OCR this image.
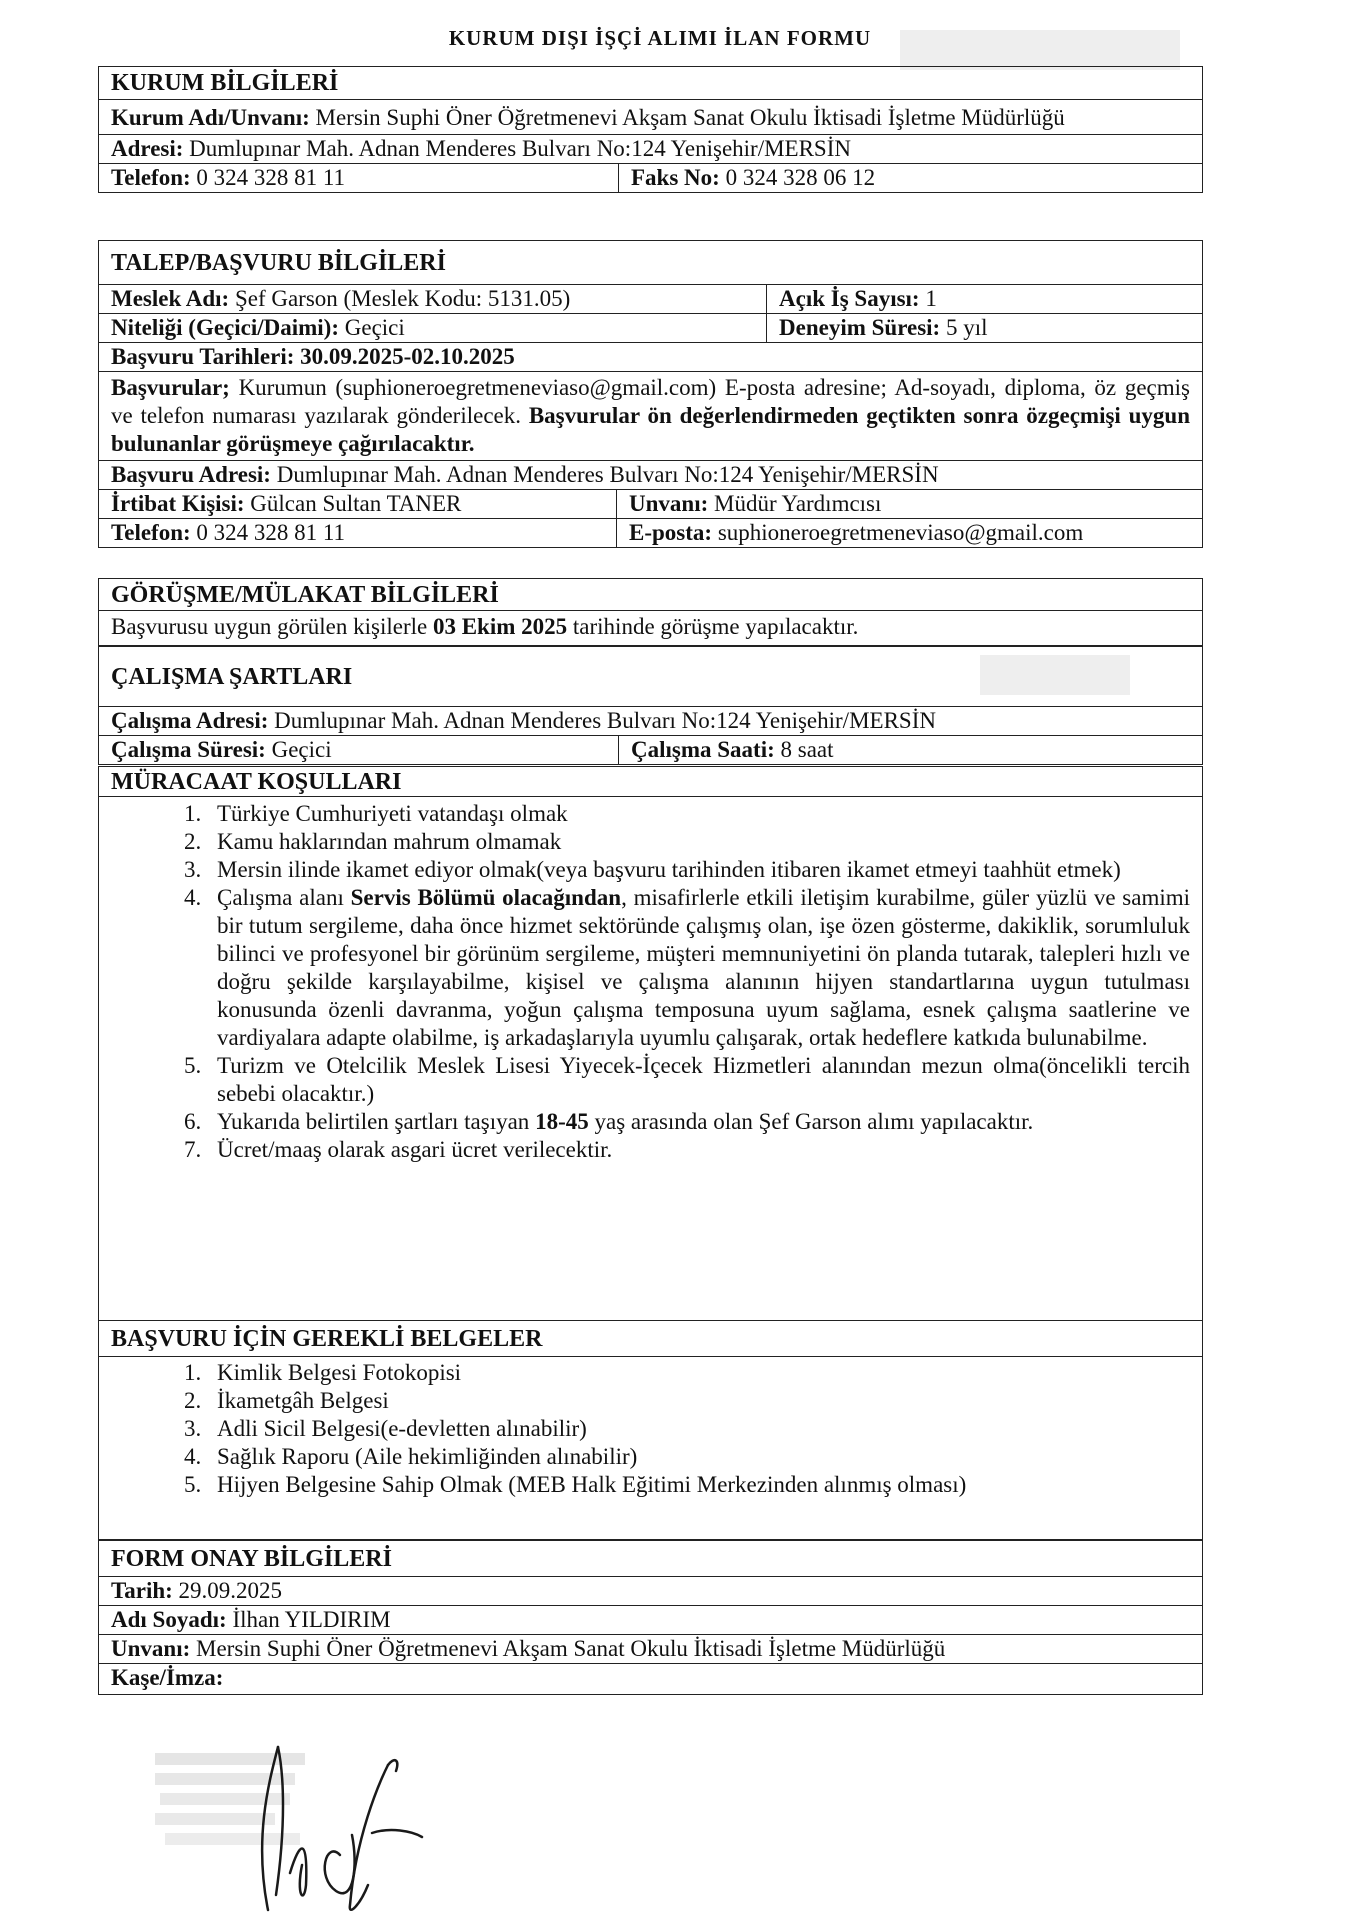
KURUM DIŞI İŞÇİ ALIMI İLAN FORMU
KURUM BİLGİLERİ
Kurum Adı/Unvanı: Mersin Suphi Öner Öğretmenevi Akşam Sanat Okulu İktisadi İşletme Müdürlüğü
Adresi: Dumlupınar Mah. Adnan Menderes Bulvarı No:124 Yenişehir/MERSİN
Telefon: 0 324 328 81 11	Faks No: 0 324 328 06 12
TALEP/BAŞVURU BİLGİLERİ
Meslek Adı: Şef Garson (Meslek Kodu: 5131.05)	Açık İş Sayısı: 1
Niteliği (Geçici/Daimi): Geçici	Deneyim Süresi: 5 yıl
Başvuru Tarihleri: 30.09.2025-02.10.2025
Başvurular; Kurumun (suphioneroegretmeneviaso@gmail.com) E-posta adresine; Ad-soyadı, diploma, öz geçmiş ve telefon numarası yazılarak gönderilecek. Başvurular ön değerlendirmeden geçtikten sonra özgeçmişi uygun bulunanlar görüşmeye çağırılacaktır.
Başvuru Adresi: Dumlupınar Mah. Adnan Menderes Bulvarı No:124 Yenişehir/MERSİN
İrtibat Kişisi: Gülcan Sultan TANER	Unvanı: Müdür Yardımcısı
Telefon: 0 324 328 81 11	E-posta: suphioneroegretmeneviaso@gmail.com
GÖRÜŞME/MÜLAKAT BİLGİLERİ
Başvurusu uygun görülen kişilerle 03 Ekim 2025 tarihinde görüşme yapılacaktır.
ÇALIŞMA ŞARTLARI
Çalışma Adresi: Dumlupınar Mah. Adnan Menderes Bulvarı No:124 Yenişehir/MERSİN
Çalışma Süresi: Geçici	Çalışma Saati: 8 saat
MÜRACAAT KOŞULLARI
1. Türkiye Cumhuriyeti vatandaşı olmak
2. Kamu haklarından mahrum olmamak
3. Mersin ilinde ikamet ediyor olmak(veya başvuru tarihinden itibaren ikamet etmeyi taahhüt etmek)
4. Çalışma alanı Servis Bölümü olacağından, misafirlerle etkili iletişim kurabilme, güler yüzlü ve samimi bir tutum sergileme, daha önce hizmet sektöründe çalışmış olan, işe özen gösterme, dakiklik, sorumluluk bilinci ve profesyonel bir görünüm sergileme, müşteri memnuniyetini ön planda tutarak, talepleri hızlı ve doğru şekilde karşılayabilme, kişisel ve çalışma alanının hijyen standartlarına uygun tutulması konusunda özenli davranma, yoğun çalışma temposuna uyum sağlama, esnek çalışma saatlerine ve vardiyalara adapte olabilme, iş arkadaşlarıyla uyumlu çalışarak, ortak hedeflere katkıda bulunabilme.
5. Turizm ve Otelcilik Meslek Lisesi Yiyecek-İçecek Hizmetleri alanından mezun olma(öncelikli tercih sebebi olacaktır.)
6. Yukarıda belirtilen şartları taşıyan 18-45 yaş arasında olan Şef Garson alımı yapılacaktır.
7. Ücret/maaş olarak asgari ücret verilecektir.
BAŞVURU İÇİN GEREKLİ BELGELER
1. Kimlik Belgesi Fotokopisi
2. İkametgâh Belgesi
3. Adli Sicil Belgesi(e-devletten alınabilir)
4. Sağlık Raporu (Aile hekimliğinden alınabilir)
5. Hijyen Belgesine Sahip Olmak (MEB Halk Eğitimi Merkezinden alınmış olması)
FORM ONAY BİLGİLERİ
Tarih: 29.09.2025
Adı Soyadı: İlhan YILDIRIM
Unvanı: Mersin Suphi Öner Öğretmenevi Akşam Sanat Okulu İktisadi İşletme Müdürlüğü
Kaşe/İmza:
